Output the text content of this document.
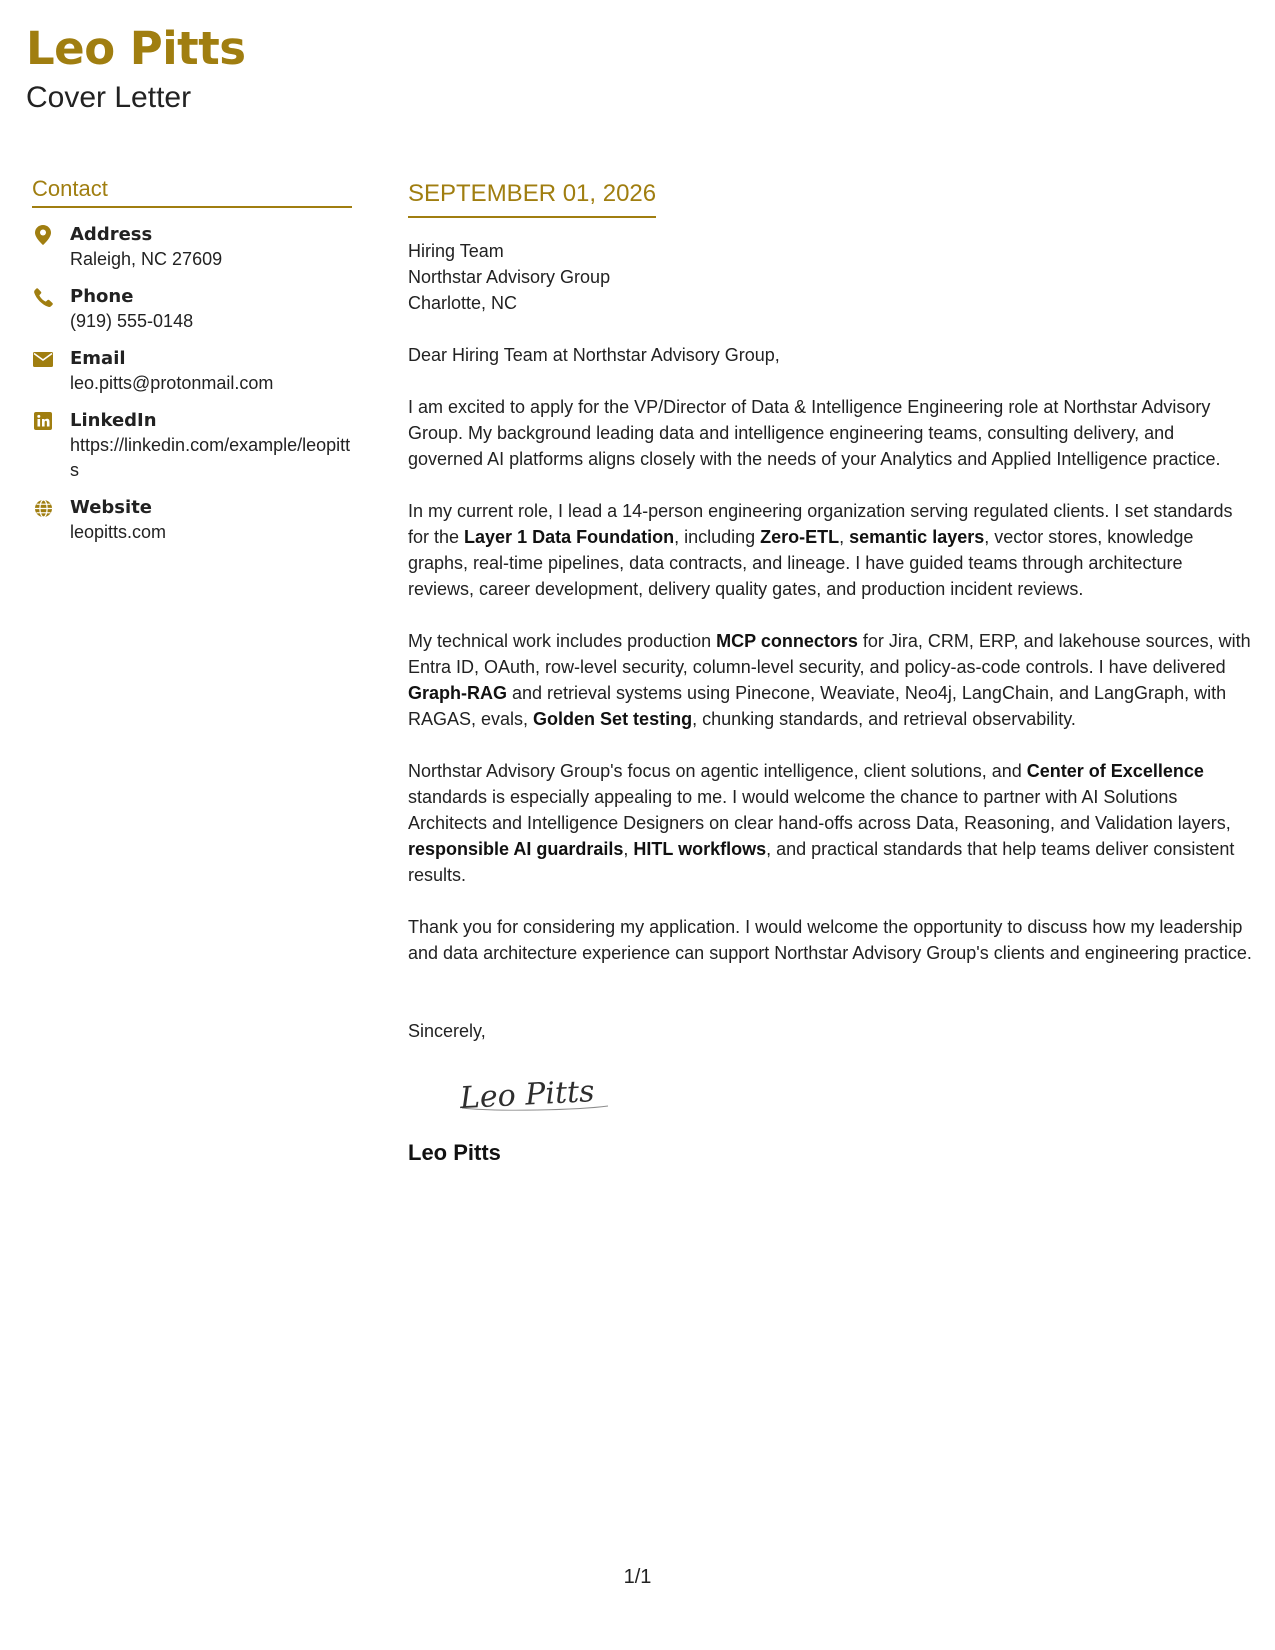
Leo Pitts
Cover Letter
Contact
Address
Raleigh, NC 27609
Phone
(919) 555-0148
Email
leo.pitts@protonmail.com
LinkedIn
https://linkedin.com/example/leopitts
Website
leopitts.com
SEPTEMBER 01, 2026
Hiring Team
Northstar Advisory Group
Charlotte, NC
Dear Hiring Team at Northstar Advisory Group,

I am excited to apply for the VP/Director of Data & Intelligence Engineering role at Northstar Advisory Group. My background leading data and intelligence engineering teams, consulting delivery, and governed AI platforms aligns closely with the needs of your Analytics and Applied Intelligence practice.

In my current role, I lead a 14-person engineering organization serving regulated clients. I set standards for the Layer 1 Data Foundation, including Zero-ETL, semantic layers, vector stores, knowledge graphs, real-time pipelines, data contracts, and lineage. I have guided teams through architecture reviews, career development, delivery quality gates, and production incident reviews.

My technical work includes production MCP connectors for Jira, CRM, ERP, and lakehouse sources, with Entra ID, OAuth, row-level security, column-level security, and policy-as-code controls. I have delivered Graph-RAG and retrieval systems using Pinecone, Weaviate, Neo4j, LangChain, and LangGraph, with RAGAS, evals, Golden Set testing, chunking standards, and retrieval observability.

Northstar Advisory Group's focus on agentic intelligence, client solutions, and Center of Excellence standards is especially appealing to me. I would welcome the chance to partner with AI Solutions Architects and Intelligence Designers on clear hand-offs across Data, Reasoning, and Validation layers, responsible AI guardrails, HITL workflows, and practical standards that help teams deliver consistent results.

Thank you for considering my application. I would welcome the opportunity to discuss how my leadership and data architecture experience can support Northstar Advisory Group's clients and engineering practice.

Sincerely,
Leo Pitts
Leo Pitts
1/1
